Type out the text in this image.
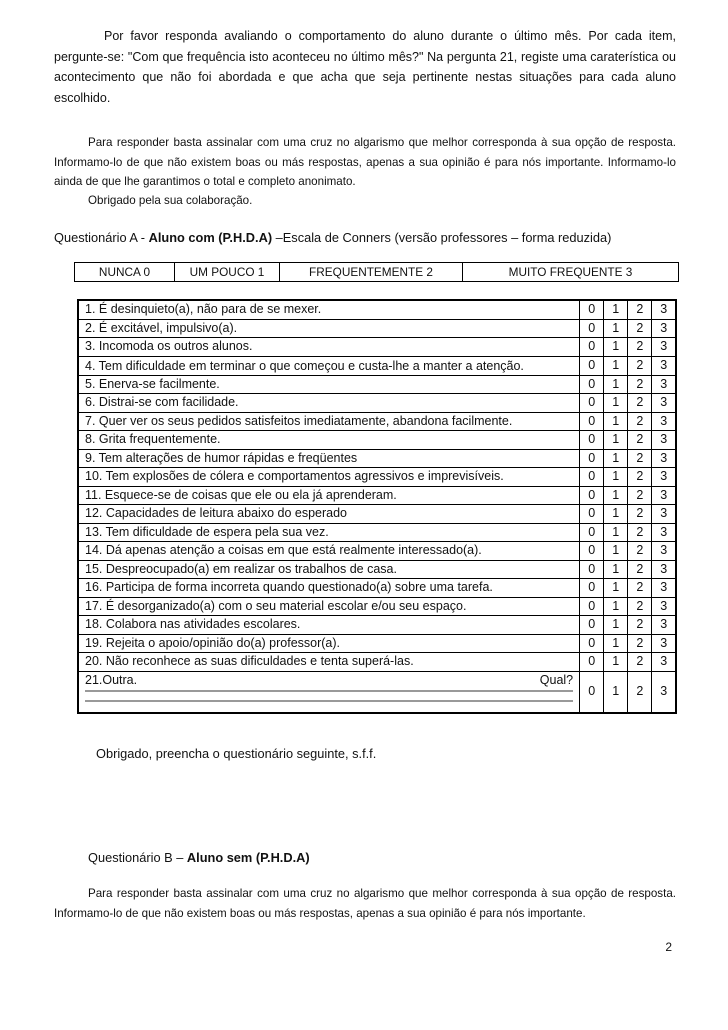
Por favor responda avaliando o comportamento do aluno durante o último mês. Por cada item, pergunte-se: "Com que frequência isto aconteceu no último mês?" Na pergunta 21, registe uma caraterística ou acontecimento que não foi abordada e que acha que seja pertinente nestas situações para cada aluno escolhido.
Para responder basta assinalar com uma cruz no algarismo que melhor corresponda à sua opção de resposta. Informamo-lo de que não existem boas ou más respostas, apenas a sua opinião é para nós importante. Informamo-lo ainda de que lhe garantimos o total e completo anonimato.
Obrigado pela sua colaboração.
Questionário A - Aluno com (P.H.D.A) –Escala de Conners (versão professores – forma reduzida)
NUNCA 0	UM POUCO 1	FREQUENTEMENTE 2	MUITO FREQUENTE 3
1. É desinquieto(a), não para de se mexer.	0	1	2	3
2. É excitável, impulsivo(a).	0	1	2	3
3. Incomoda os outros alunos.	0	1	2	3
4. Tem dificuldade em terminar o que começou e custa-lhe a manter a atenção.	0	1	2	3
5. Enerva-se facilmente.	0	1	2	3
6. Distrai-se com facilidade.	0	1	2	3
7. Quer ver os seus pedidos satisfeitos imediatamente, abandona facilmente.	0	1	2	3
8. Grita frequentemente.	0	1	2	3
9. Tem alterações de humor rápidas e freqüentes	0	1	2	3
10. Tem explosões de cólera e comportamentos agressivos e imprevisíveis.	0	1	2	3
11. Esquece-se de coisas que ele ou ela já aprenderam.	0	1	2	3
12. Capacidades de leitura abaixo do esperado	0	1	2	3
13. Tem dificuldade de espera pela sua vez.	0	1	2	3
14. Dá apenas atenção a coisas em que está realmente interessado(a).	0	1	2	3
15. Despreocupado(a) em realizar os trabalhos de casa.	0	1	2	3
16. Participa de forma incorreta quando questionado(a) sobre uma tarefa.	0	1	2	3
17. É desorganizado(a) com o seu material escolar e/ou seu espaço.	0	1	2	3
18. Colabora nas atividades escolares.	0	1	2	3
19. Rejeita o apoio/opinião do(a) professor(a).	0	1	2	3
20. Não reconhece as suas dificuldades e tenta superá-las.	0	1	2	3

21.Outra. Qual?	0	1	2	3
Obrigado, preencha o questionário seguinte, s.f.f.
Questionário B – Aluno sem (P.H.D.A)
Para responder basta assinalar com uma cruz no algarismo que melhor corresponda à sua opção de resposta. Informamo-lo de que não existem boas ou más respostas, apenas a sua opinião é para nós importante.
2
